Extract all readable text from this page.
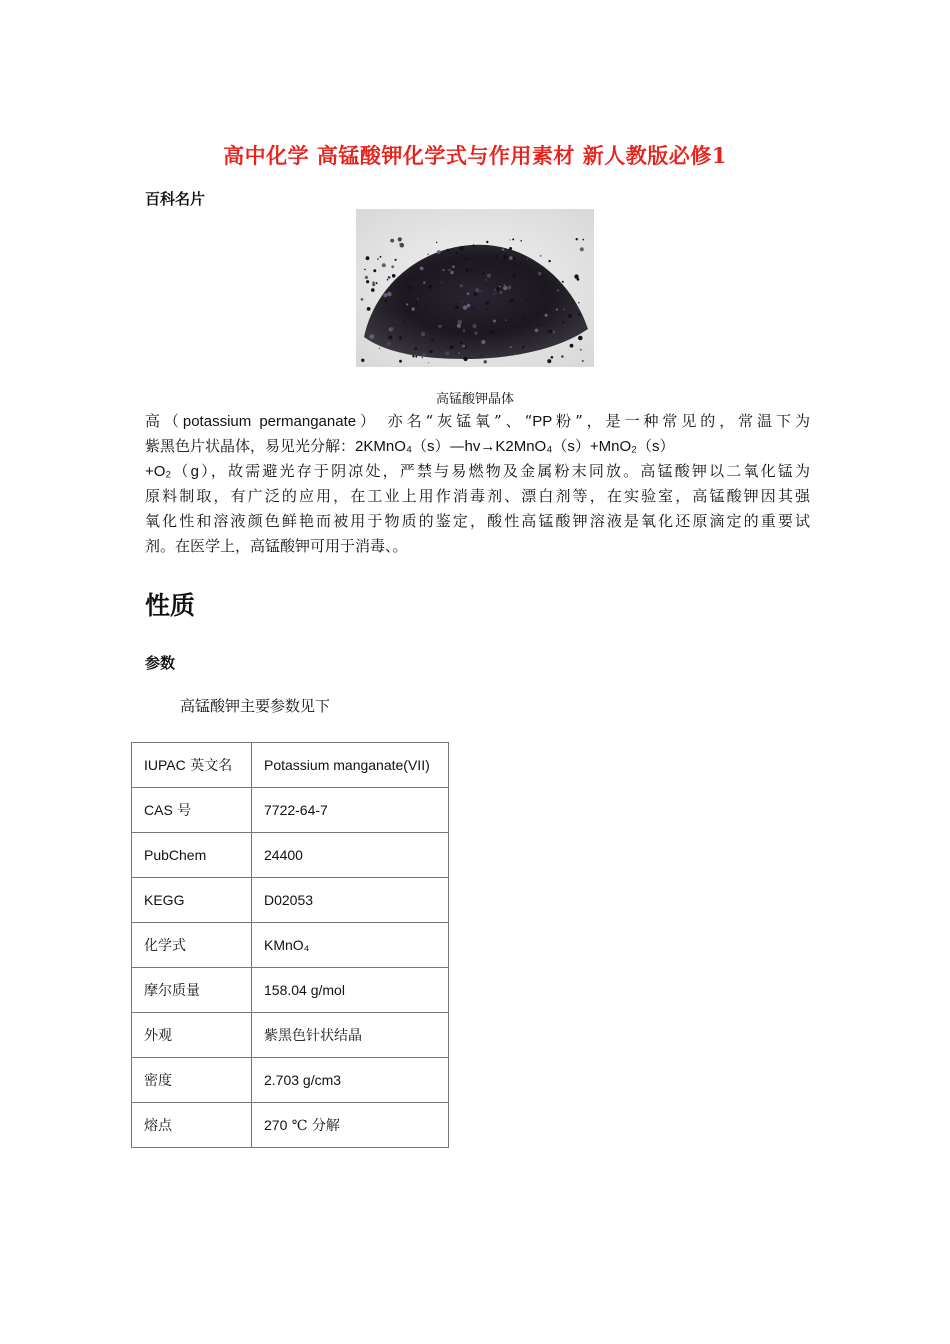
高中化学 高锰酸钾化学式与作用素材 新人教版必修1
百科名片
高锰酸钾晶体
高（potassium permanganate） 亦名“灰锰氧”、“PP粉”，是一种常见的，常温下为
紫黑色片状晶体，易见光分解：2KMnO₄（s）—hv→K2MnO₄（s）+MnO₂（s）
+O₂（g），故需避光存于阴凉处，严禁与易燃物及金属粉末同放。高锰酸钾以二氧化锰为
原料制取，有广泛的应用，在工业上用作消毒剂、漂白剂等，在实验室，高锰酸钾因其强
氧化性和溶液颜色鲜艳而被用于物质的鉴定，酸性高锰酸钾溶液是氧化还原滴定的重要试
剂。在医学上，高锰酸钾可用于消毒、。
性质
参数
高锰酸钾主要参数见下
IUPAC 英文名	Potassium manganate(VII)
CAS 号	7722-64-7
PubChem	24400
KEGG	D02053
化学式	KMnO₄
摩尔质量	158.04 g/mol
外观	紫黑色针状结晶
密度	2.703 g/cm3
熔点	270 ℃ 分解
